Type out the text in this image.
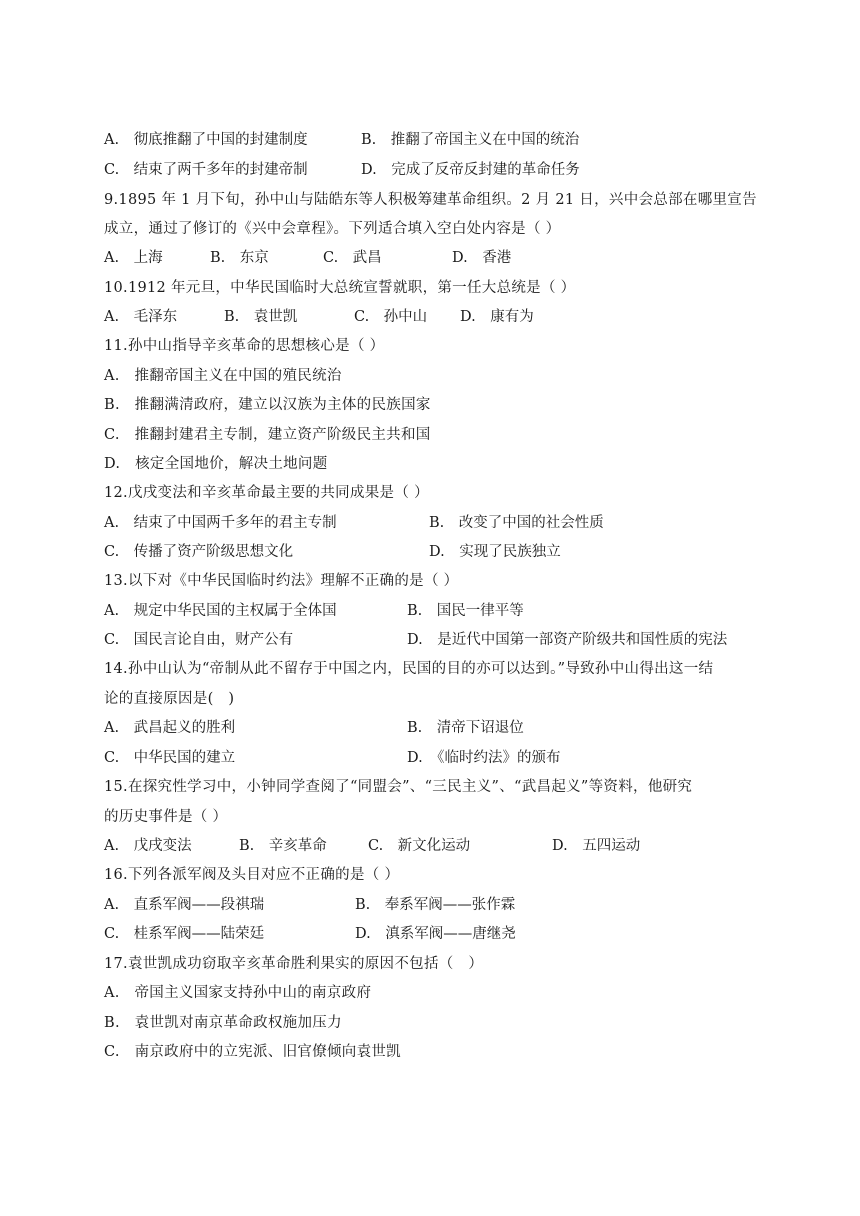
A.　彻底推翻了中国的封建制度	B.　推翻了帝国主义在中国的统治
C.　结束了两千多年的封建帝制	D.　完成了反帝反封建的革命任务
9.1895 年 1 月下旬，孙中山与陆皓东等人积极筹建革命组织。2 月 21 日，兴中会总部在哪里宣告
成立，通过了修订的《兴中会章程》。下列适合填入空白处内容是（ ）
A.　上海	B.　东京	C.　武昌	D.　香港
10.1912 年元旦，中华民国临时大总统宣誓就职，第一任大总统是（ ）
A.　毛泽东	B.　袁世凯	C.　孙中山 D.　康有为
11.孙中山指导辛亥革命的思想核心是（ ）
A.　推翻帝国主义在中国的殖民统治
B.　推翻满清政府，建立以汉族为主体的民族国家
C.　推翻封建君主专制，建立资产阶级民主共和国
D.　核定全国地价，解决土地问题
12.戊戌变法和辛亥革命最主要的共同成果是（ ）
A.　结束了中国两千多年的君主专制	B.　改变了中国的社会性质
C.　传播了资产阶级思想文化	D.　实现了民族独立
13.以下对《中华民国临时约法》理解不正确的是（ ）
A.　规定中华民国的主权属于全体国	B.　国民一律平等
C.　国民言论自由，财产公有	D.　是近代中国第一部资产阶级共和国性质的宪法
14.孙中山认为“帝制从此不留存于中国之内，民国的目的亦可以达到。”导致孙中山得出这一结
论的直接原因是(　)
A.　武昌起义的胜利	B.　清帝下诏退位
C.　中华民国的建立	D.　《临时约法》的颁布
15.在探究性学习中，小钟同学查阅了“同盟会”、“三民主义”、“武昌起义”等资料，他研究
的历史事件是（ ）
A.　戊戌变法	B.　辛亥革命	C.　新文化运动	D.　五四运动
16.下列各派军阀及头目对应不正确的是（ ）
A.　直系军阀——段祺瑞	B.　奉系军阀——张作霖
C.　桂系军阀——陆荣廷	D.　滇系军阀——唐继尧
17.袁世凯成功窃取辛亥革命胜利果实的原因不包括（　）
A.　帝国主义国家支持孙中山的南京政府
B.　袁世凯对南京革命政权施加压力
C.　南京政府中的立宪派、旧官僚倾向袁世凯
